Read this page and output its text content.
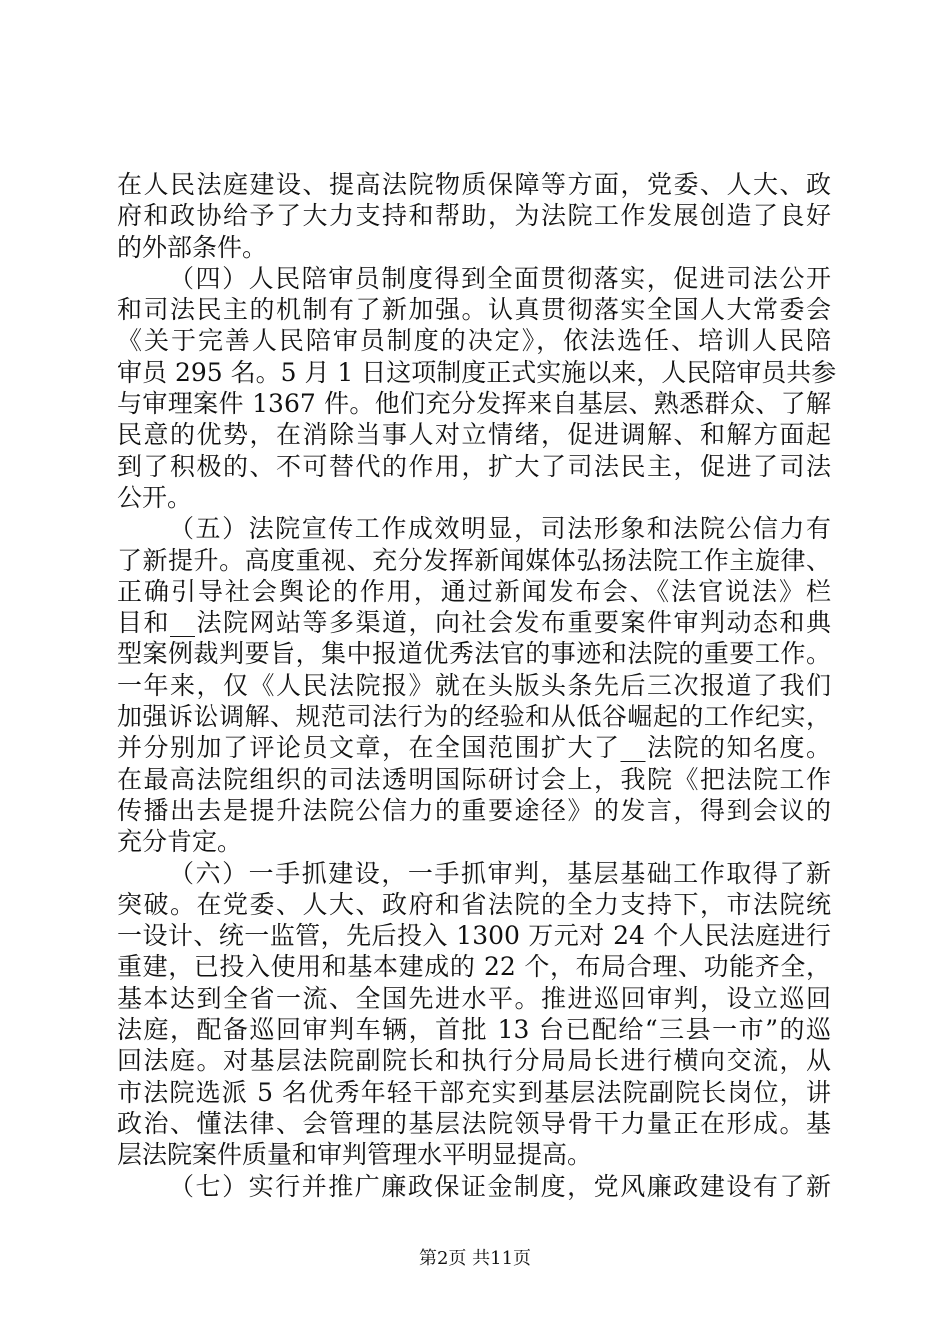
在人民法庭建设、提高法院物质保障等方面，党委、人大、政
府和政协给予了大力支持和帮助，为法院工作发展创造了良好
的外部条件。
（四）人民陪审员制度得到全面贯彻落实，促进司法公开
和司法民主的机制有了新加强。认真贯彻落实全国人大常委会
《关于完善人民陪审员制度的决定》，依法选任、培训人民陪
审员 295 名。5 月 1 日这项制度正式实施以来，人民陪审员共参
与审理案件 1367 件。他们充分发挥来自基层、熟悉群众、了解
民意的优势，在消除当事人对立情绪，促进调解、和解方面起
到了积极的、不可替代的作用，扩大了司法民主，促进了司法
公开。
（五）法院宣传工作成效明显，司法形象和法院公信力有
了新提升。高度重视、充分发挥新闻媒体弘扬法院工作主旋律、
正确引导社会舆论的作用，通过新闻发布会、《法官说法》栏
目和__法院网站等多渠道，向社会发布重要案件审判动态和典
型案例裁判要旨，集中报道优秀法官的事迹和法院的重要工作。
一年来，仅《人民法院报》就在头版头条先后三次报道了我们
加强诉讼调解、规范司法行为的经验和从低谷崛起的工作纪实，
并分别加了评论员文章，在全国范围扩大了__法院的知名度。
在最高法院组织的司法透明国际研讨会上，我院《把法院工作
传播出去是提升法院公信力的重要途径》的发言，得到会议的
充分肯定。
（六）一手抓建设，一手抓审判，基层基础工作取得了新
突破。在党委、人大、政府和省法院的全力支持下，市法院统
一设计、统一监管，先后投入 1300 万元对 24 个人民法庭进行
重建，已投入使用和基本建成的 22 个，布局合理、功能齐全，
基本达到全省一流、全国先进水平。推进巡回审判，设立巡回
法庭，配备巡回审判车辆，首批 13 台已配给“三县一市”的巡
回法庭。对基层法院副院长和执行分局局长进行横向交流，从
市法院选派 5 名优秀年轻干部充实到基层法院副院长岗位，讲
政治、懂法律、会管理的基层法院领导骨干力量正在形成。基
层法院案件质量和审判管理水平明显提高。
（七）实行并推广廉政保证金制度，党风廉政建设有了新
第2页 共11页
